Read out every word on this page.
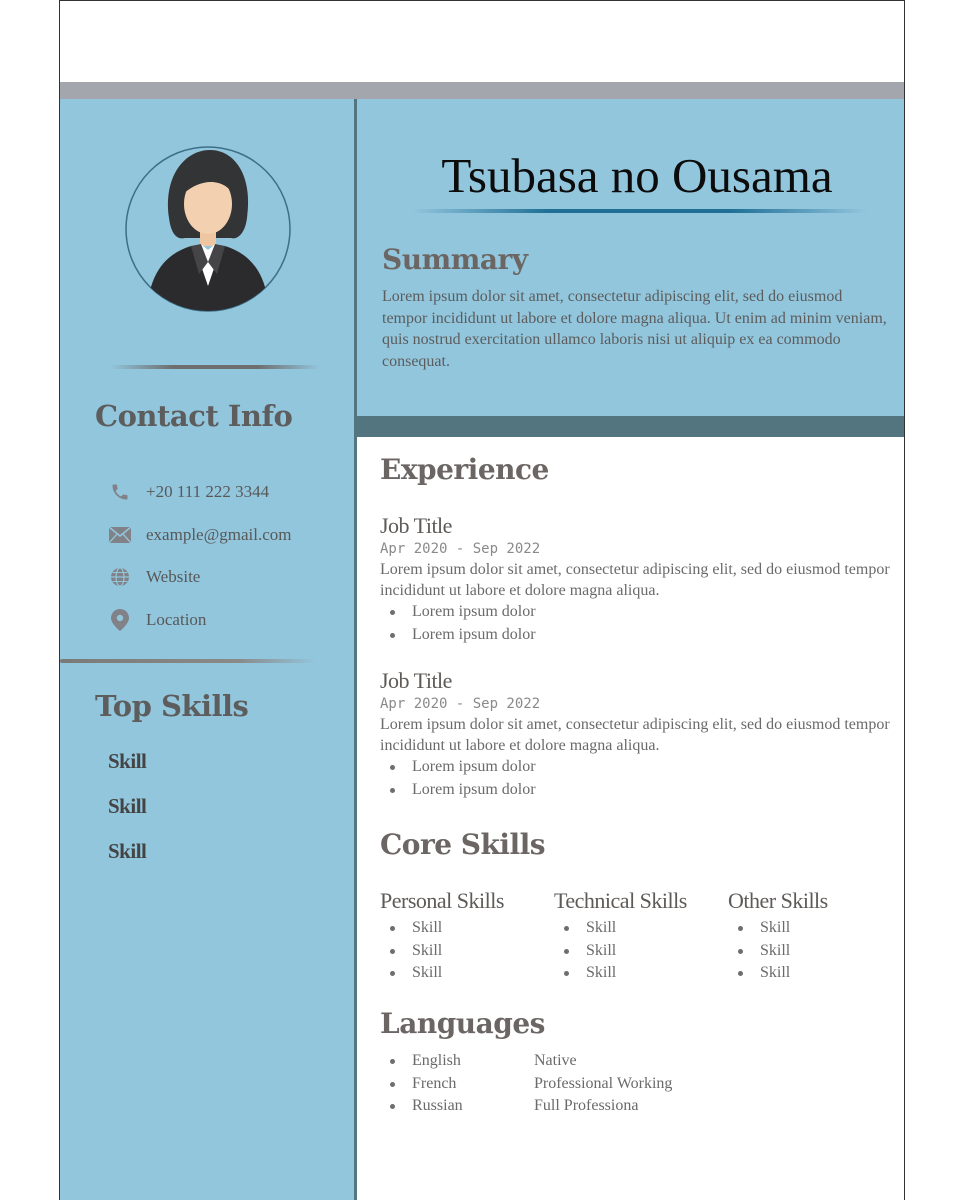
Contact Info
+20 111 222 3344
example@gmail.com
Website
Location
Top Skills
Skill
Skill
Skill
Tsubasa no Ousama
Summary

Lorem ipsum dolor sit amet, consectetur adipiscing elit, sed do eiusmod tempor incididunt ut labore et dolore magna aliqua. Ut enim ad minim veniam, quis nostrud exercitation ullamco laboris nisi ut aliquip ex ea commodo consequat.

Experience

Job Title

Apr 2020 - Sep 2022

Lorem ipsum dolor sit amet, consectetur adipiscing elit, sed do eiusmod tempor incididunt ut labore et dolore magna aliqua.

Lorem ipsum dolor
Lorem ipsum dolor

Job Title

Apr 2020 - Sep 2022

Lorem ipsum dolor sit amet, consectetur adipiscing elit, sed do eiusmod tempor incididunt ut labore et dolore magna aliqua.

Lorem ipsum dolor
Lorem ipsum dolor
Core Skills

Personal Skills

Skill
Skill
Skill

Technical Skills

Skill
Skill
Skill

Other Skills

Skill
Skill
Skill
Languages
English	Native
French	Professional Working
Russian	Full Professiona
